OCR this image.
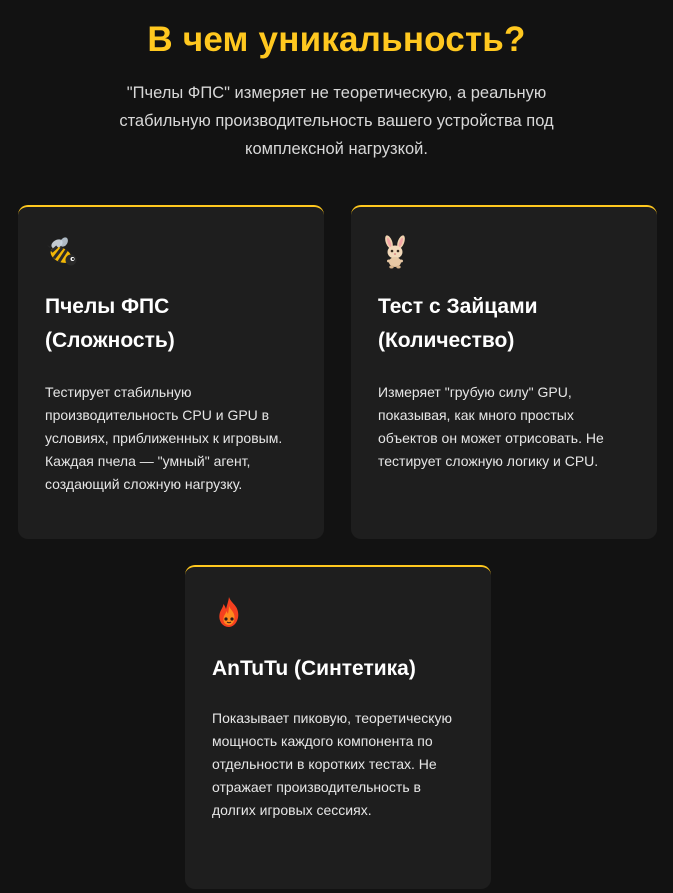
В чем уникальность?

"Пчелы ФПС" измеряет не теоретическую, а реальную стабильную производительность вашего устройства под комплексной нагрузкой.

Пчелы ФПС (Сложность)

Тестирует стабильную производительность CPU и GPU в условиях, приближенных к игровым. Каждая пчела — "умный" агент, создающий сложную нагрузку.

Тест с Зайцами (Количество)

Измеряет "грубую силу" GPU, показывая, как много простых объектов он может отрисовать. Не тестирует сложную логику и CPU.

AnTuTu (Синтетика)

Показывает пиковую, теоретическую мощность каждого компонента по отдельности в коротких тестах. Не отражает производительность в долгих игровых сессиях.
